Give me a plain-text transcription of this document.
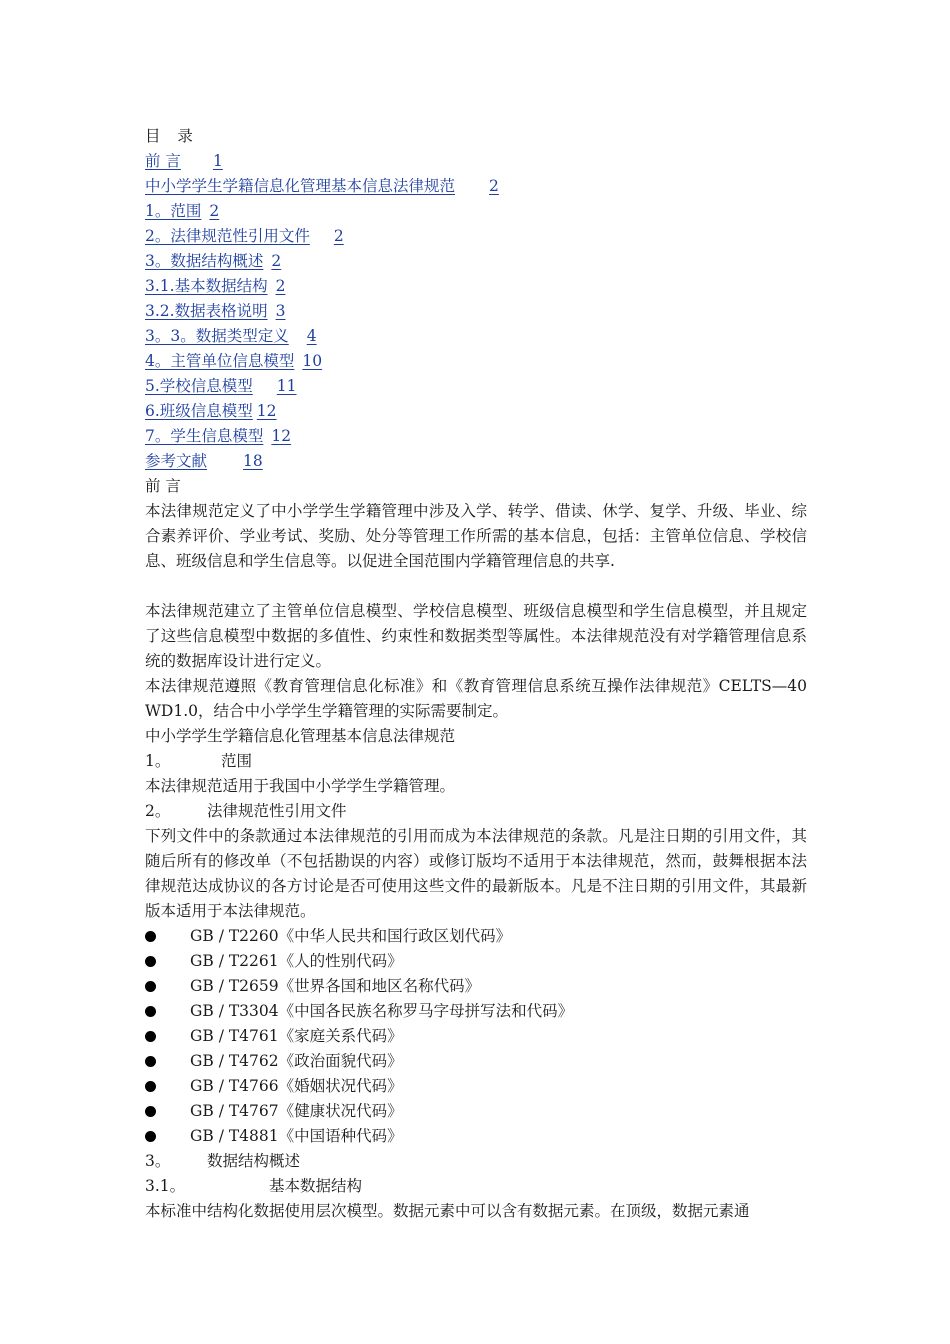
目 录
前 言 1
中小学学生学籍信息化管理基本信息法律规范 2
1。范围 2
2。法律规范性引用文件 2
3。数据结构概述 2
3.1.基本数据结构 2
3.2.数据表格说明 3
3。3。数据类型定义 4
4。主管单位信息模型 10
5.学校信息模型 11
6.班级信息模型 12
7。学生信息模型 12
参考文献 18
前 言
本法律规范定义了中小学学生学籍管理中涉及入学、转学、借读、休学、复学、升级、毕业、综合素养评价、学业考试、奖励、处分等管理工作所需的基本信息，包括：主管单位信息、学校信息、班级信息和学生信息等。以促进全国范围内学籍管理信息的共享.
本法律规范建立了主管单位信息模型、学校信息模型、班级信息模型和学生信息模型，并且规定了这些信息模型中数据的多值性、约束性和数据类型等属性。本法律规范没有对学籍管理信息系统的数据库设计进行定义。
本法律规范遵照《教育管理信息化标准》和《教育管理信息系统互操作法律规范》CELTS—40 WD1.0，结合中小学学生学籍管理的实际需要制定。
中小学学生学籍信息化管理基本信息法律规范
1。	范围
本法律规范适用于我国中小学学生学籍管理。
2。 法律规范性引用文件
下列文件中的条款通过本法律规范的引用而成为本法律规范的条款。凡是注日期的引用文件，其随后所有的修改单（不包括勘误的内容）或修订版均不适用于本法律规范，然而，鼓舞根据本法律规范达成协议的各方讨论是否可使用这些文件的最新版本。凡是不注日期的引用文件，其最新版本适用于本法律规范。
GB / T2260《中华人民共和国行政区划代码》
GB / T2261《人的性别代码》
GB / T2659《世界各国和地区名称代码》
GB / T3304《中国各民族名称罗马字母拼写法和代码》
GB / T4761《家庭关系代码》
GB / T4762《政治面貌代码》
GB / T4766《婚姻状况代码》
GB / T4767《健康状况代码》
GB / T4881《中国语种代码》
3。 数据结构概述
3.1。	基本数据结构
本标准中结构化数据使用层次模型。数据元素中可以含有数据元素。在顶级，数据元素通
